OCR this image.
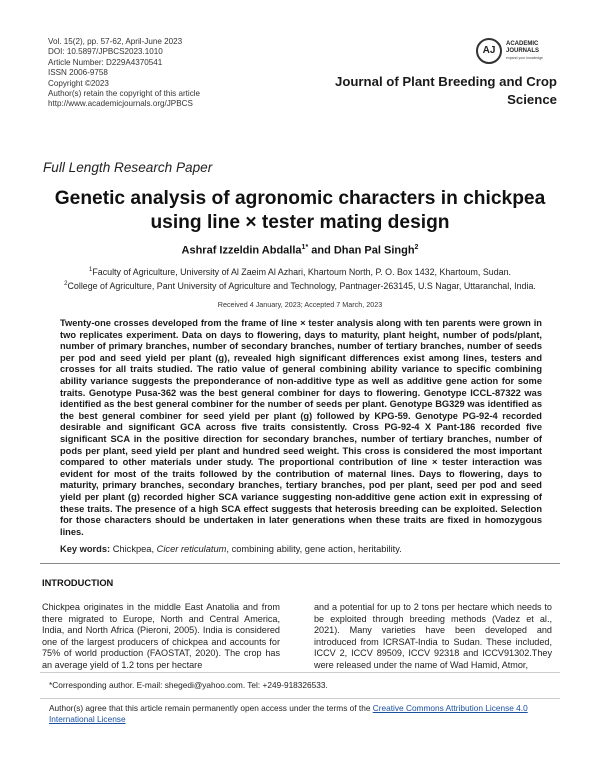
Vol. 15(2), pp. 57-62, April-June 2023
DOI: 10.5897/JPBCS2023.1010
Article Number: D229A4370541
ISSN 2006-9758
Copyright ©2023
Author(s) retain the copyright of this article
http://www.academicjournals.org/JPBCS
AJ
ACADEMIC
JOURNALS
expand your knowledge
Journal of Plant Breeding and Crop
Science
Full Length Research Paper
Genetic analysis of agronomic characters in chickpea
using line × tester mating design
Ashraf Izzeldin Abdalla$^{1*}$ and Dhan Pal Singh$^2$
$^1$Faculty of Agriculture, University of Al Zaeim Al Azhari, Khartoum North, P. O. Box 1432, Khartoum, Sudan.
$^2$College of Agriculture, Pant University of Agriculture and Technology, Pantnager-263145, U.S Nagar, Uttaranchal, India.
Received 4 January, 2023; Accepted 7 March, 2023
Twenty-one crosses developed from the frame of line × tester analysis along with ten parents were grown in two replicates experiment. Data on days to flowering, days to maturity, plant height, number of pods/plant, number of primary branches, number of secondary branches, number of tertiary branches, number of seeds per pod and seed yield per plant (g), revealed high significant differences exist among lines, testers and crosses for all traits studied. The ratio value of general combining ability variance to specific combining ability variance suggests the preponderance of non-additive type as well as additive gene action for some traits. Genotype Pusa-362 was the best general combiner for days to flowering. Genotype ICCL-87322 was identified as the best general combiner for the number of seeds per plant. Genotype BG329 was identified as the best general combiner for seed yield per plant (g) followed by KPG-59. Genotype PG-92-4 recorded desirable and significant GCA across five traits consistently. Cross PG-92-4 X Pant-186 recorded five significant SCA in the positive direction for secondary branches, number of tertiary branches, number of pods per plant, seed yield per plant and hundred seed weight. This cross is considered the most important compared to other materials under study. The proportional contribution of line × tester interaction was evident for most of the traits followed by the contribution of maternal lines. Days to flowering, days to maturity, primary branches, secondary branches, tertiary branches, pod per plant, seed per pod and seed yield per plant (g) recorded higher SCA variance suggesting non-additive gene action exit in expressing of these traits. The presence of a high SCA effect suggests that heterosis breeding can be exploited. Selection for those characters should be undertaken in later generations when these traits are fixed in homozygous lines.
Key words: Chickpea, Cicer reticulatum, combining ability, gene action, heritability.
INTRODUCTION
Chickpea originates in the middle East Anatolia and from there migrated to Europe, North and Central America, India, and North Africa (Pieroni, 2005). India is considered one of the largest producers of chickpea and accounts for 75% of world production (FAOSTAT, 2020). The crop has an average yield of 1.2 tons per hectare
and a potential for up to 2 tons per hectare which needs to be exploited through breeding methods (Vadez et al., 2021). Many varieties have been developed and introduced from ICRSAT-India to Sudan. These included, ICCV 2, ICCV 89509, ICCV 92318 and ICCV91302.They were released under the name of Wad Hamid, Atmor,
*Corresponding author. E-mail: shegedi@yahoo.com. Tel: +249-918326533.
Author(s) agree that this article remain permanently open access under the terms of the Creative Commons Attribution License 4.0 International License
